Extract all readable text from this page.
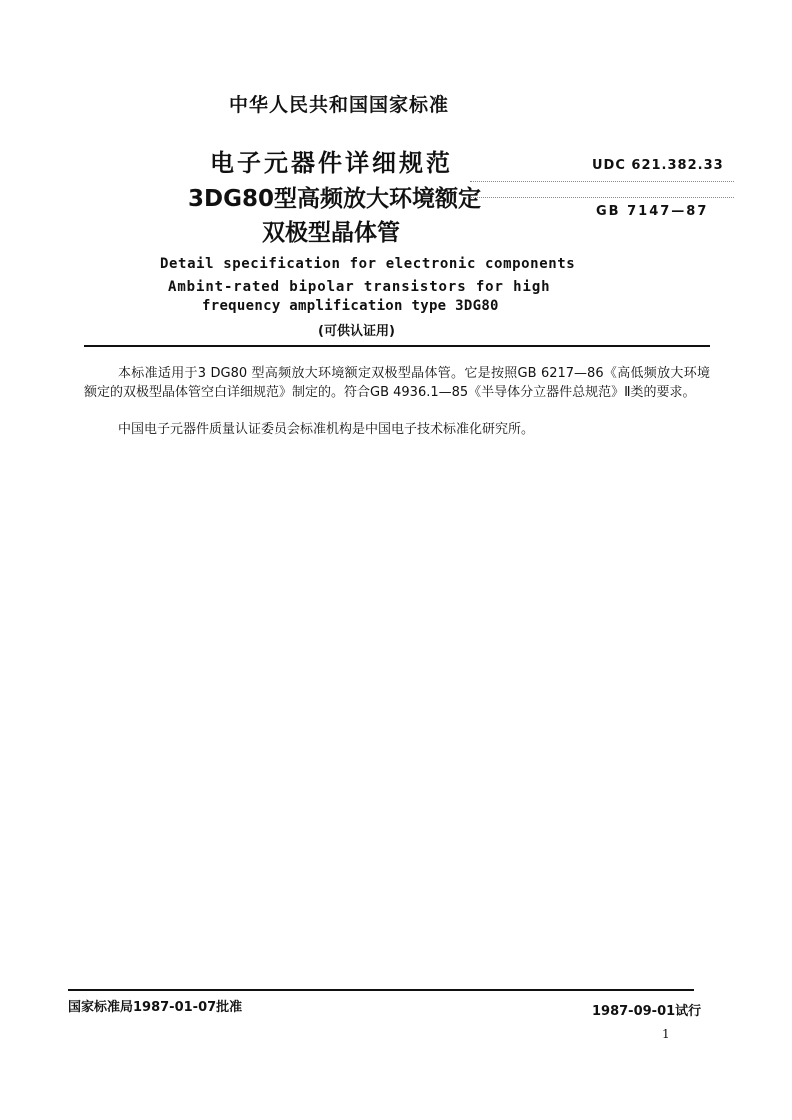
中华人民共和国国家标准
电子元器件详细规范
3DG80型高频放大环境额定
双极型晶体管
UDC 621.382.33
GB 7147—87
Detail specification for electronic components
Ambint-rated bipolar transistors for high
frequency amplification type 3DG80
(可供认证用)

本标准适用于3 DG80 型高频放大环境额定双极型晶体管。它是按照GB 6217—86《高低频放大环境额定的双极型晶体管空白详细规范》制定的。符合GB 4936.1—85《半导体分立器件总规范》Ⅱ类的要求。

中国电子元器件质量认证委员会标准机构是中国电子技术标准化研究所。

国家标准局1987-01-07批准	1987-09-01试行
1
